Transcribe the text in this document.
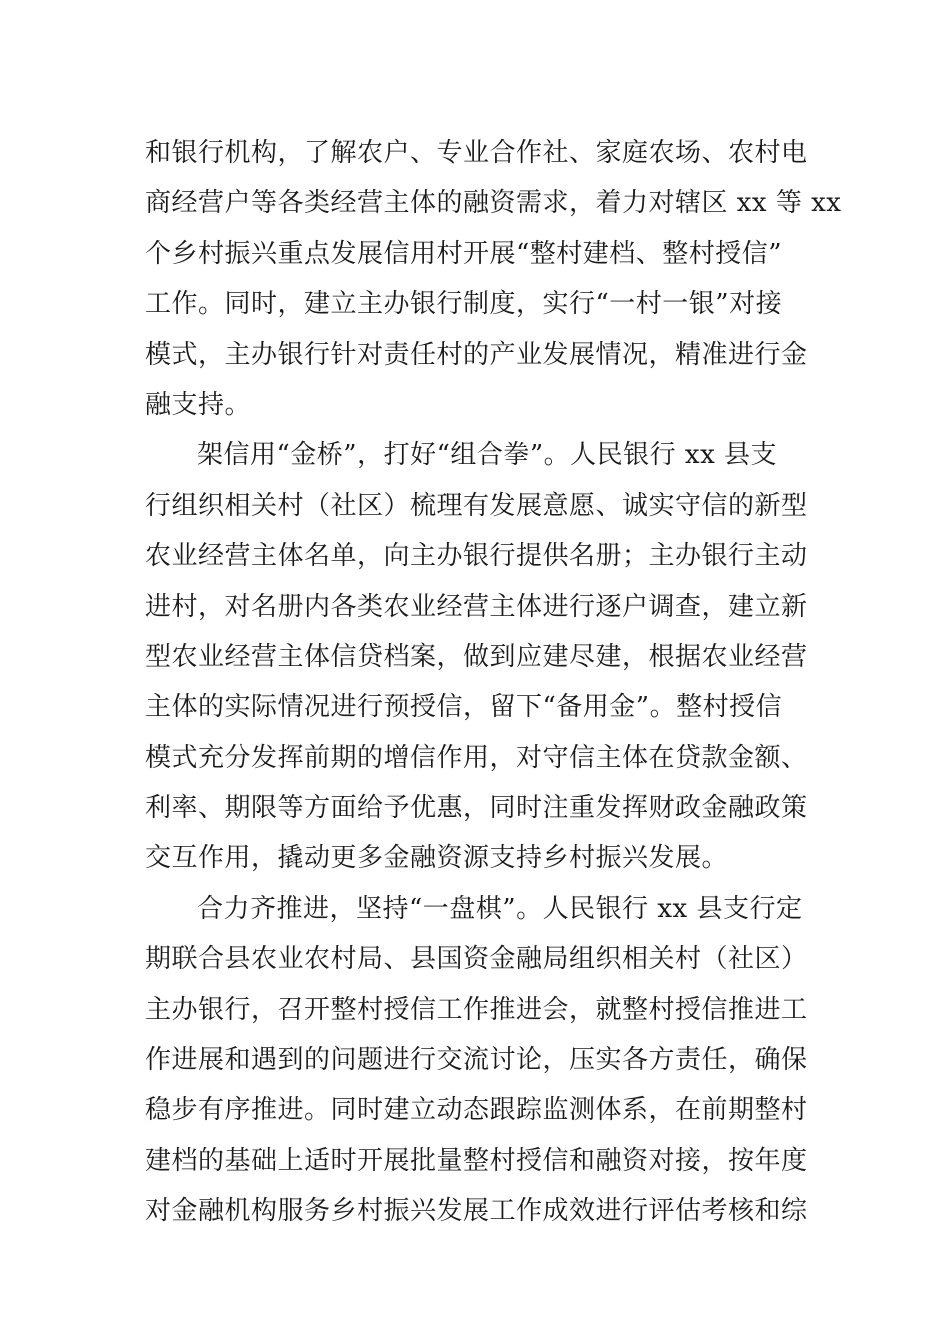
和银行机构，了解农户、专业合作社、家庭农场、农村电
商经营户等各类经营主体的融资需求，着力对辖区 xx 等 xx
个乡村振兴重点发展信用村开展“整村建档、整村授信”
工作。同时，建立主办银行制度，实行“一村一银”对接
模式，主办银行针对责任村的产业发展情况，精准进行金
融支持。
架信用“金桥”，打好“组合拳”。人民银行 xx 县支
行组织相关村（社区）梳理有发展意愿、诚实守信的新型
农业经营主体名单，向主办银行提供名册；主办银行主动
进村，对名册内各类农业经营主体进行逐户调查，建立新
型农业经营主体信贷档案，做到应建尽建，根据农业经营
主体的实际情况进行预授信，留下“备用金”。整村授信
模式充分发挥前期的增信作用，对守信主体在贷款金额、
利率、期限等方面给予优惠，同时注重发挥财政金融政策
交互作用，撬动更多金融资源支持乡村振兴发展。
合力齐推进，坚持“一盘棋”。人民银行 xx 县支行定
期联合县农业农村局、县国资金融局组织相关村（社区）
主办银行，召开整村授信工作推进会，就整村授信推进工
作进展和遇到的问题进行交流讨论，压实各方责任，确保
稳步有序推进。同时建立动态跟踪监测体系，在前期整村
建档的基础上适时开展批量整村授信和融资对接，按年度
对金融机构服务乡村振兴发展工作成效进行评估考核和综
